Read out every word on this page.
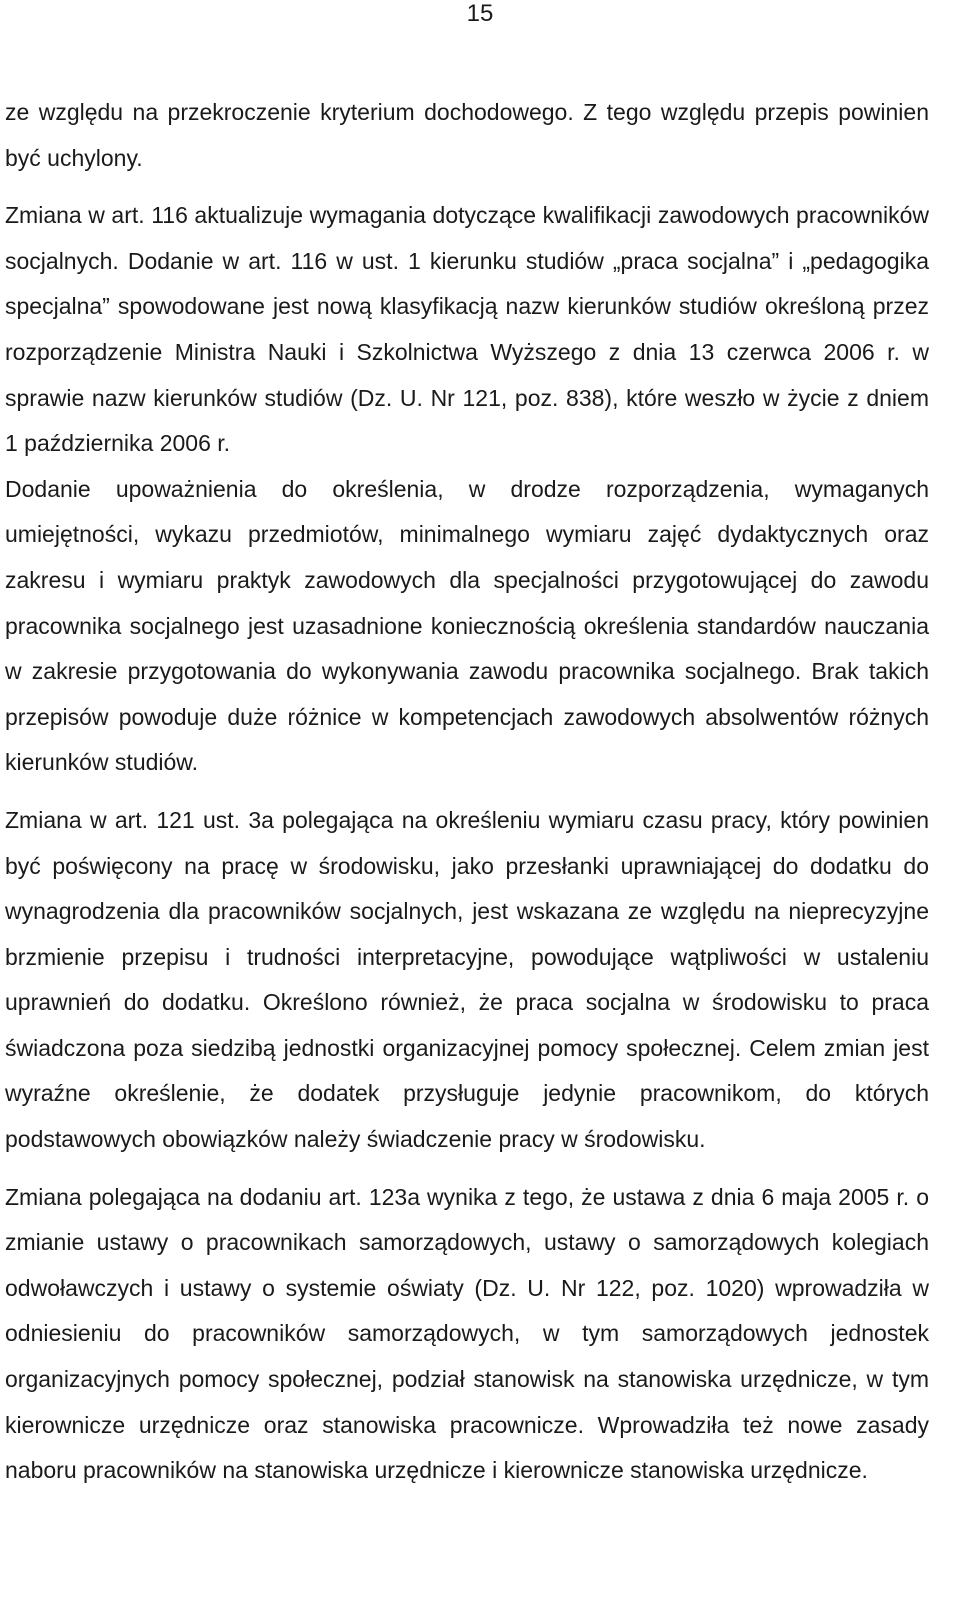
15

ze względu na przekroczenie kryterium dochodowego. Z tego względu przepis powinien być uchylony.

Zmiana w art. 116 aktualizuje wymagania dotyczące kwalifikacji zawodowych pracowników socjalnych. Dodanie w art. 116 w ust. 1 kierunku studiów „praca socjalna” i „pedagogika specjalna” spowodowane jest nową klasyfikacją nazw kierunków studiów określoną przez rozporządzenie Ministra Nauki i Szkolnictwa Wyższego z dnia 13 czerwca 2006 r. w sprawie nazw kierunków studiów (Dz. U. Nr 121, poz. 838), które weszło w życie z dniem 1 października 2006 r.

Dodanie upoważnienia do określenia, w drodze rozporządzenia, wymaganych umiejętności, wykazu przedmiotów, minimalnego wymiaru zajęć dydaktycznych oraz zakresu i wymiaru praktyk zawodowych dla specjalności przygotowującej do zawodu pracownika socjalnego jest uzasadnione koniecznością określenia standardów nauczania w zakresie przygotowania do wykonywania zawodu pracownika socjalnego. Brak takich przepisów powoduje duże różnice w kompetencjach zawodowych absolwentów różnych kierunków studiów.

Zmiana w art. 121 ust. 3a polegająca na określeniu wymiaru czasu pracy, który powinien być poświęcony na pracę w środowisku, jako przesłanki uprawniającej do dodatku do wynagrodzenia dla pracowników socjalnych, jest wskazana ze względu na nieprecyzyjne brzmienie przepisu i trudności interpretacyjne, powodujące wątpliwości w ustaleniu uprawnień do dodatku. Określono również, że praca socjalna w środowisku to praca świadczona poza siedzibą jednostki organizacyjnej pomocy społecznej. Celem zmian jest wyraźne określenie, że dodatek przysługuje jedynie pracownikom, do których podstawowych obowiązków należy świadczenie pracy w środowisku.

Zmiana polegająca na dodaniu art. 123a wynika z tego, że ustawa z dnia 6 maja 2005 r. o zmianie ustawy o pracownikach samorządowych, ustawy o samorządowych kolegiach odwoławczych i ustawy o systemie oświaty (Dz. U. Nr 122, poz. 1020) wprowadziła w odniesieniu do pracowników samorządowych, w tym samorządowych jednostek organizacyjnych pomocy społecznej, podział stanowisk na stanowiska urzędnicze, w tym kierownicze urzędnicze oraz stanowiska pracownicze. Wprowadziła też nowe zasady naboru pracowników na stanowiska urzędnicze i kierownicze stanowiska urzędnicze.
